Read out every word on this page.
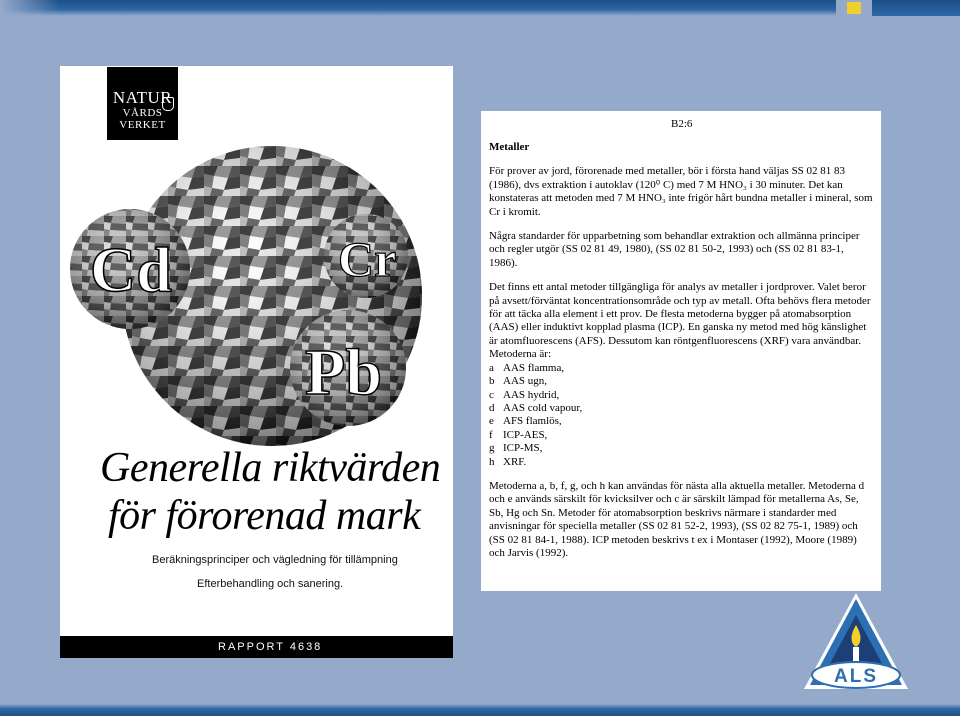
NATUR
VÅRDS
VERKET
Cd	Cr
Pb
Generella riktvärden
för förorenad mark
Beräkningsprinciper och vägledning för tillämpning
Efterbehandling och sanering.
RAPPORT 4638
B2:6
Metaller

För prover av jord, förorenade med metaller, bör i första hand väljas SS 02 81 83 (1986), dvs extraktion i autoklav (120⁰ C) med 7 M HNO₃ i 30 minuter. Det kan konstateras att metoden med 7 M HNO₃ inte frigör hårt bundna metaller i mineral, som Cr i kromit.

Några standarder för upparbetning som behandlar extraktion och allmänna principer och regler utgör (SS 02 81 49, 1980), (SS 02 81 50-2, 1993) och (SS 02 81 83-1, 1986).

Det finns ett antal metoder tillgängliga för analys av metaller i jordprover. Valet beror på avsett/förväntat koncentrationsområde och typ av metall. Ofta behövs flera metoder för att täcka alla element i ett prov. De flesta metoderna bygger på atomabsorption (AAS) eller induktivt kopplad plasma (ICP). En ganska ny metod med hög känslighet är atomfluorescens (AFS). Dessutom kan röntgenfluorescens (XRF) vara användbar. Metoderna är:

a AAS flamma,
b AAS ugn,
c AAS hydrid,
d AAS cold vapour,
e AFS flamlös,
f ICP-AES,
g ICP-MS,
h XRF.

Metoderna a, b, f, g, och h kan användas för nästa alla aktuella metaller. Metoderna d och e används särskilt för kvicksilver och c är särskilt lämpad för metallerna As, Se, Sb, Hg och Sn. Metoder för atomabsorption beskrivs närmare i standarder med anvisningar för speciella metaller (SS 02 81 52-2, 1993), (SS 02 82 75-1, 1989) och (SS 02 81 84-1, 1988). ICP metoden beskrivs t ex i Montaser (1992), Moore (1989) och Jarvis (1992).

ALS
